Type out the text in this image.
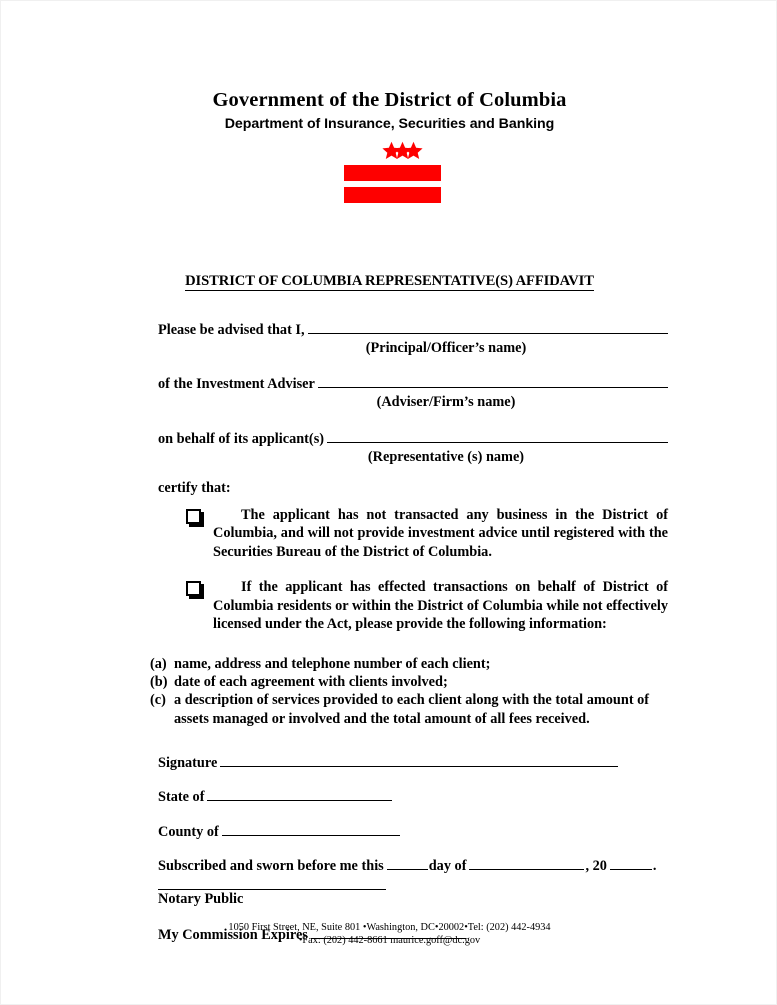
Government of the District of Columbia
Department of Insurance, Securities and Banking
DISTRICT OF COLUMBIA REPRESENTATIVE(S) AFFIDAVIT
Please be advised that I,
(Principal/Officer’s name)
of the Investment Adviser
(Adviser/Firm’s name)
on behalf of its applicant(s)
(Representative (s) name)
certify that:
The applicant has not transacted any business in the District of Columbia, and will not provide investment advice until registered with the Securities Bureau of the District of Columbia.
If the applicant has effected transactions on behalf of District of Columbia residents or within the District of Columbia while not effectively licensed under the Act, please provide the following information:
(a) name, address and telephone number of each client;
(b) date of each agreement with clients involved;
(c) a description of services provided to each client along with the total amount of assets managed or involved and the total amount of all fees received.
Signature
State of
County of
Subscribed and sworn before me this	day of	, 20	.
Notary Public
My Commission Expires
1050 First Street, NE, Suite 801 •Washington, DC•20002•Tel: (202) 442-4934
•Fax: (202) 442-8661 maurice.goff@dc.gov
